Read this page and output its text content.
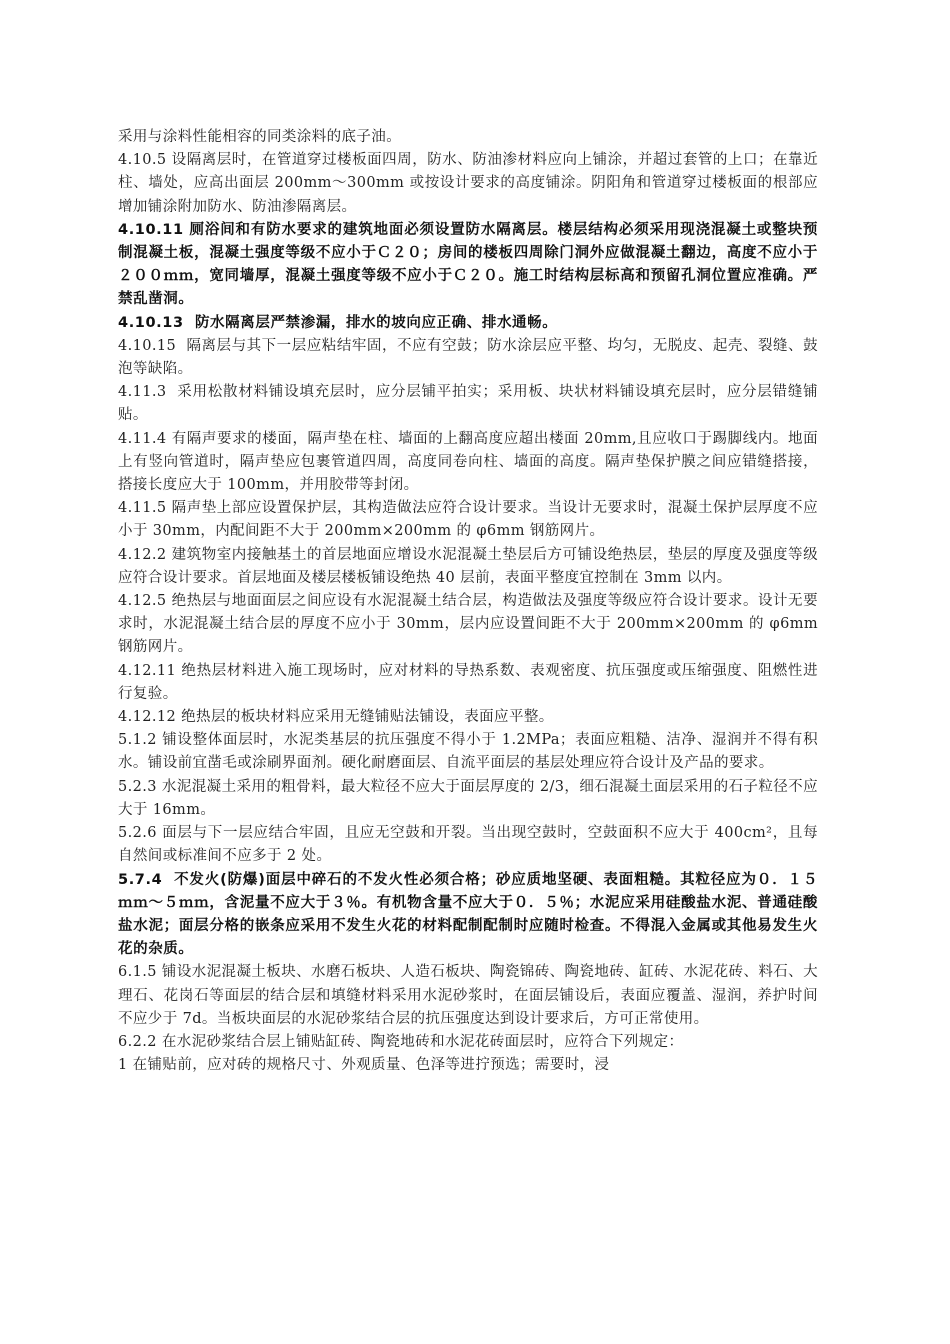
采用与涂料性能相容的同类涂料的底子油。

4.10.5 设隔离层时，在管道穿过楼板面四周，防水、防油渗材料应向上铺涂，并超过套管的上口；在靠近柱、墙处，应高出面层 200mm～300mm 或按设计要求的高度铺涂。阴阳角和管道穿过楼板面的根部应增加铺涂附加防水、防油渗隔离层。

4.10.11 厕浴间和有防水要求的建筑地面必须设置防水隔离层。楼层结构必须采用现浇混凝土或整块预制混凝土板，混凝土强度等级不应小于Ｃ２０；房间的楼板四周除门洞外应做混凝土翻边，高度不应小于２００ｍｍ，宽同墙厚，混凝土强度等级不应小于Ｃ２０。施工时结构层标高和预留孔洞位置应准确。严禁乱凿洞。

4.10.13  防水隔离层严禁渗漏，排水的坡向应正确、排水通畅。

4.10.15  隔离层与其下一层应粘结牢固，不应有空鼓；防水涂层应平整、均匀，无脱皮、起壳、裂缝、鼓泡等缺陷。

4.11.3  采用松散材料铺设填充层时，应分层铺平拍实；采用板、块状材料铺设填充层时，应分层错缝铺贴。

4.11.4 有隔声要求的楼面，隔声垫在柱、墙面的上翻高度应超出楼面 20mm,且应收口于踢脚线内。地面上有竖向管道时，隔声垫应包裹管道四周，高度同卷向柱、墙面的高度。隔声垫保护膜之间应错缝搭接，搭接长度应大于 100mm，并用胶带等封闭。

4.11.5 隔声垫上部应设置保护层，其构造做法应符合设计要求。当设计无要求时，混凝土保护层厚度不应小于 30mm，内配间距不大于 200mm×200mm 的 φ6mm 钢筋网片。

4.12.2 建筑物室内接触基土的首层地面应增设水泥混凝土垫层后方可铺设绝热层，垫层的厚度及强度等级应符合设计要求。首层地面及楼层楼板铺设绝热 40 层前，表面平整度宜控制在 3mm 以内。

4.12.5 绝热层与地面面层之间应设有水泥混凝土结合层，构造做法及强度等级应符合设计要求。设计无要求时，水泥混凝土结合层的厚度不应小于 30mm，层内应设置间距不大于 200mm×200mm 的 φ6mm 钢筋网片。

4.12.11 绝热层材料进入施工现场时，应对材料的导热系数、表观密度、抗压强度或压缩强度、阻燃性进行复验。

4.12.12 绝热层的板块材料应采用无缝铺贴法铺设，表面应平整。

5.1.2 铺设整体面层时，水泥类基层的抗压强度不得小于 1.2MPa；表面应粗糙、洁净、湿润并不得有积水。铺设前宜凿毛或涂刷界面剂。硬化耐磨面层、自流平面层的基层处理应符合设计及产品的要求。

5.2.3 水泥混凝土采用的粗骨料，最大粒径不应大于面层厚度的 2/3，细石混凝土面层采用的石子粒径不应大于 16mm。

5.2.6 面层与下一层应结合牢固，且应无空鼓和开裂。当出现空鼓时，空鼓面积不应大于 400cm²，且每自然间或标准间不应多于 2 处。

5.7.4  不发火(防爆)面层中碎石的不发火性必须合格；砂应质地坚硬、表面粗糙。其粒径应为０．１５ｍｍ～５ｍｍ，含泥量不应大于３％。有机物含量不应大于０．５％；水泥应采用硅酸盐水泥、普通硅酸盐水泥；面层分格的嵌条应采用不发生火花的材料配制配制时应随时检查。不得混入金属或其他易发生火花的杂质。

6.1.5 铺设水泥混凝土板块、水磨石板块、人造石板块、陶瓷锦砖、陶瓷地砖、缸砖、水泥花砖、料石、大理石、花岗石等面层的结合层和填缝材料采用水泥砂浆时，在面层铺设后，表面应覆盖、湿润，养护时间不应少于 7d。当板块面层的水泥砂浆结合层的抗压强度达到设计要求后，方可正常使用。

6.2.2 在水泥砂浆结合层上铺贴缸砖、陶瓷地砖和水泥花砖面层时，应符合下列规定：

1 在铺贴前，应对砖的规格尺寸、外观质量、色泽等进拧预选；需要时，浸
